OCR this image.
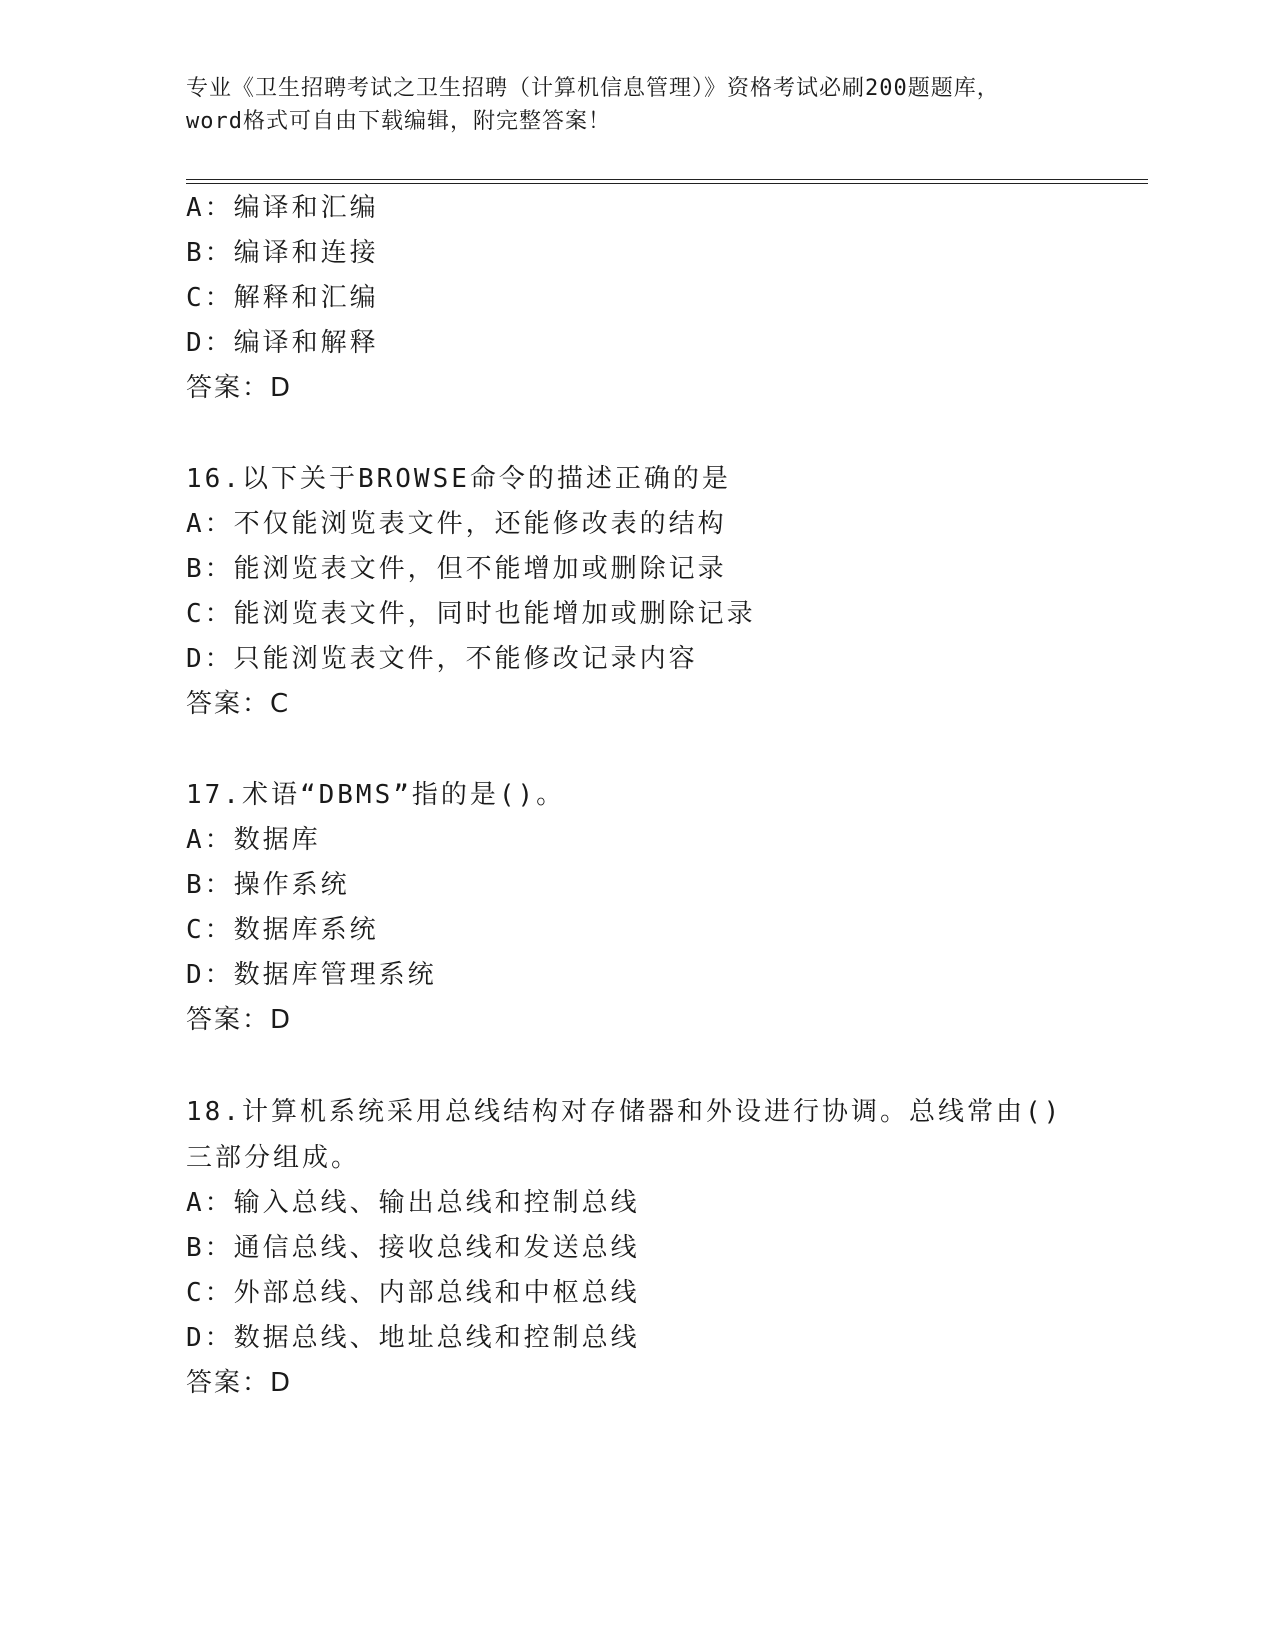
专业《卫生招聘考试之卫生招聘（计算机信息管理）》资格考试必刷200题题库，
word格式可自由下载编辑，附完整答案！
A：编译和汇编
B：编译和连接
C：解释和汇编
D：编译和解释
答案：D
16.以下关于BROWSE命令的描述正确的是
A：不仅能浏览表文件，还能修改表的结构
B：能浏览表文件，但不能增加或删除记录
C：能浏览表文件，同时也能增加或删除记录
D：只能浏览表文件，不能修改记录内容
答案：C
17.术语“DBMS”指的是()。
A：数据库
B：操作系统
C：数据库系统
D：数据库管理系统
答案：D
18.计算机系统采用总线结构对存储器和外设进行协调。总线常由()三部分组成。
A：输入总线、输出总线和控制总线
B：通信总线、接收总线和发送总线
C：外部总线、内部总线和中枢总线
D：数据总线、地址总线和控制总线
答案：D
